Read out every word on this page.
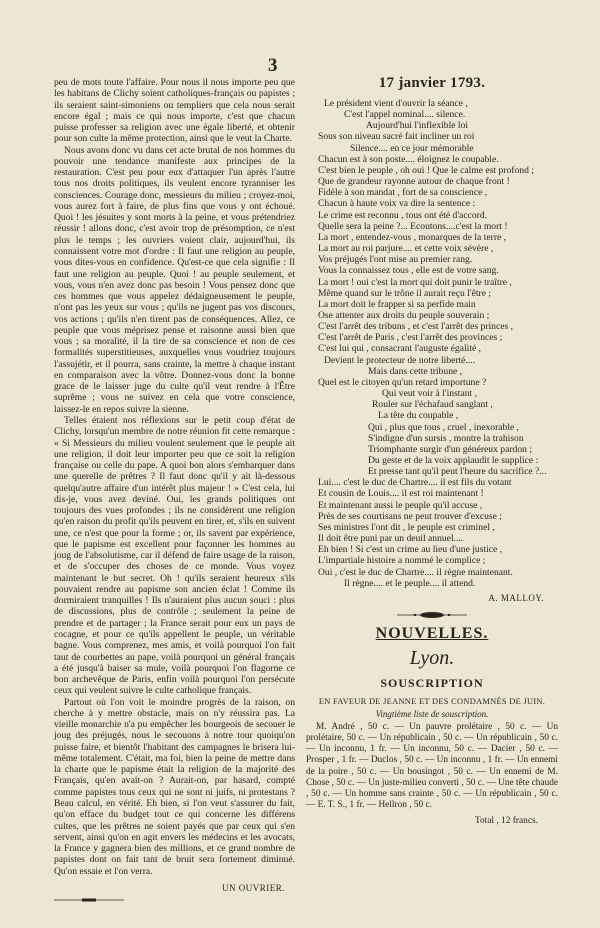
3

peu de mots toute l'affaire. Pour nous il nous importe peu que les habitans de Clichy soient catholiques-français ou papistes ; ils seraient saint-simoniens ou templiers que cela nous serait encore égal ; mais ce qui nous importe, c'est que chacun puisse professer sa religion avec une égale liberté, et obtenir pour son culte la même protection, ainsi que le veut la Charte.

Nous avons donc vu dans cet acte brutal de nos hommes du pouvoir une tendance manifeste aux principes de la restauration. C'est peu pour eux d'attaquer l'un après l'autre tous nos droits politiques, ils veulent encore tyranniser les consciences. Courage donc, messieurs du milieu ; croyez-moi, vous aurez fort à faire, de plus fins que vous y ont échoué. Quoi ! les jésuites y sont morts à la peine, et vous prétendriez réussir ! allons donc, c'est avoir trop de présomption, ce n'est plus le temps ; les ouvriers voient clair, aujourd'hui, ils connaissent votre mot d'ordre : Il faut une religion au peuple, vous dites-vous en confidence. Qu'est-ce que cela signifie : Il faut une religion au peuple. Quoi ! au peuple seulement, et vous, vous n'en avez donc pas besoin ! Vous pensez donc que ces hommes que vous appelez dédaigneusement le peuple, n'ont pas les yeux sur vous ; qu'ils ne jugent pas vos discours, vos actions ; qu'ils n'en tirent pas de conséquences. Allez, ce peuple que vous méprisez pense et raisonne aussi bien que vous ; sa moralité, il la tire de sa conscience et non de ces formalités superstitieuses, auxquelles vous voudriez toujours l'assujétir, et il pourra, sans crainte, la mettre à chaque instant en comparaison avec la vôtre. Donnez-vous donc la bonne grace de le laisser juge du culte qu'il veut rendre à l'Être suprême ; vous ne suivez en cela que votre conscience, laissez-le en repos suivre la sienne.

Telles étaient nos réflexions sur le petit coup d'état de Clichy, lorsqu'un membre de notre réunion fit cette remarque : « Si Messieurs du milieu voulent seulement que le peuple ait une religion, il doit leur importer peu que ce soit la religion française ou celle du pape. A quoi bon alors s'embarquer dans une querelle de prêtres ? Il faut donc qu'il y ait là-dessous quelqu'autre affaire d'un intérêt plus majeur ! » C'est cela, lui dis-je, vous avez deviné. Oui, les grands politiques ont toujours des vues profondes ; ils ne considèrent une religion qu'en raison du profit qu'ils peuvent en tirer, et, s'ils en suivent une, ce n'est que pour la forme ; or, ils savent par expérience, que le papisme est excellent pour façonner les hommes au joug de l'absolutisme, car il défend de faire usage de la raison, et de s'occuper des choses de ce monde. Vous voyez maintenant le but secret. Oh ! qu'ils seraient heureux s'ils pouvaient rendre au papisme son ancien éclat ! Comme ils dormiraient tranquilles ! Ils n'auraient plus aucun souci : plus de discussions, plus de contrôle ; seulement la peine de prendre et de partager ; la France serait pour eux un pays de cocagne, et pour ce qu'ils appellent le peuple, un véritable bagne. Vous comprenez, mes amis, et voilà pourquoi l'on fait taut de courbettes au pape, voilà pourquoi un général français a été jusqu'à baiser sa mule, voilà pourquoi l'on flagorne ce bon archevêque de Paris, enfin voilà pourquoi l'on persécute ceux qui veulent suivre le culte catholique français.

Partout où l'on voit le moindre progrès de la raison, on cherche à y mettre obstacle, mais on n'y réussira pas. La vieille monarchie n'a pu empêcher les bourgeois de secouer le joug des préjugés, nous le secouons à notre tour quoiqu'on puisse faire, et bientôt l'habitant des campagnes le brisera lui-même totalement. C'était, ma foi, bien la peine de mettre dans la charte que le papisme était la religion de la majorité des Français, qu'en avait-on ? Aurait-on, par hasard, compté comme papistes tous ceux qui ne sont ni juifs, ni protestans ? Beau calcul, en vérité. Eh bien, si l'on veut s'assurer du fait, qu'on efface du budget tout ce qui concerne les différens cultes, que les prêtres ne soient payés que par ceux qui s'en servent, ainsi qu'on en agit envers les médecins et les avocats, la France y gagnera bien des millions, et ce grand nombre de papistes dont on fait tant de bruit sera fortement diminué. Qu'on essaie et l'on verra.

UN OUVRIER.
17 janvier 1793.
Le président vient d'ouvrir la séance ,
C'est l'appel nominal.... silence.
Aujourd'hui l'inflexible loi
Sous son niveau sacré fait incliner un roi
Silence.... en ce jour mémorable
Chacun est à son poste.... éloignez le coupable.
C'est bien le peuple , oh oui ! Que le calme est profond ;
Que de grandeur rayonne autour de chaque front !
Fidèle à son mandat , fort de sa conscience ,
Chacun à haute voix va dire la sentence :
Le crime est reconnu , tous ont été d'accord.
Quelle sera la peine ?... Ecoutons....c'est la mort !
La mort , entendez-vous , monarques de la terre ,
La mort au roi parjure.... et cette voix sévère ,
Vos préjugés l'ont mise au premier rang.
Vous la connaissez tous , elle est de votre sang.
La mort ! oui c'est la mort qui doit punir le traître ,
Même quand sur le trône il aurait reçu l'être ;
La mort doit le frapper si sa perfide main
Ose attenter aux droits du peuple souverain ;
C'est l'arrêt des tribuns , et c'est l'arrêt des princes ,
C'est l'arrêt de Paris , c'est l'arrêt des provinces ;
C'est lui qui , consacrant l'auguste égalité ,
Devient le protecteur de notre liberté....
Mais dans cette tribune ,
Quel est le citoyen qu'un retard importune ?
Qui veut voir à l'instant ,
Rouler sur l'échafaud sanglant ,
La tête du coupable ,
Qui , plus que tous , cruel , inexorable ,
S'indigne d'un sursis , montre la trahison
Triomphante surgir d'un généreux pardon ;
Du geste et de la voix applaudit le supplice :
Et presse tant qu'il peut l'heure du sacrifice ?...
Lui.... c'est le duc de Chartre.... il est fils du votant
Et cousin de Louis.... il est roi maintenant !
Et maintenant aussi le peuple qu'il accuse ,
Près de ses courtisans ne peut trouver d'excuse ;
Ses ministres l'ont dit , le peuple est criminel ,
Il doit être puni par un deuil annuel....
Eh bien ! Si c'est un crime au lieu d'une justice ,
L'impartiale histoire a nommé le complice ;
Oui , c'est le duc de Chartre.... il règne maintenant.
Il règne.... et le peuple.... il attend.
A. MALLOY.
NOUVELLES.
Lyon.
SOUSCRIPTION
EN FAVEUR DE JEANNE ET DES CONDAMNÉS DE JUIN.
Vingtième liste de souscription.
M. André , 50 c. — Un pauvre prolétaire , 50 c. — Un prolétaire, 50 c. — Un républicain , 50 c. — Un républicain , 50 c. — Un inconnu, 1 fr. — Un inconnu, 50 c. — Dacier , 50 c. — Prosper , 1 fr. — Duclos , 50 c. — Un inconnu , 1 fr. — Un ennemi de la poire , 50 c. — Un bousingot , 50 c. — Un ennemi de M. Chose , 50 c. — Un juste-milieu converti , 50 c. — Une tête chaude , 50 c. — Un homme sans crainte , 50 c. — Un républicain , 50 c. — E. T. S., 1 fr. — Hellron , 50 c.
Total , 12 francs.
